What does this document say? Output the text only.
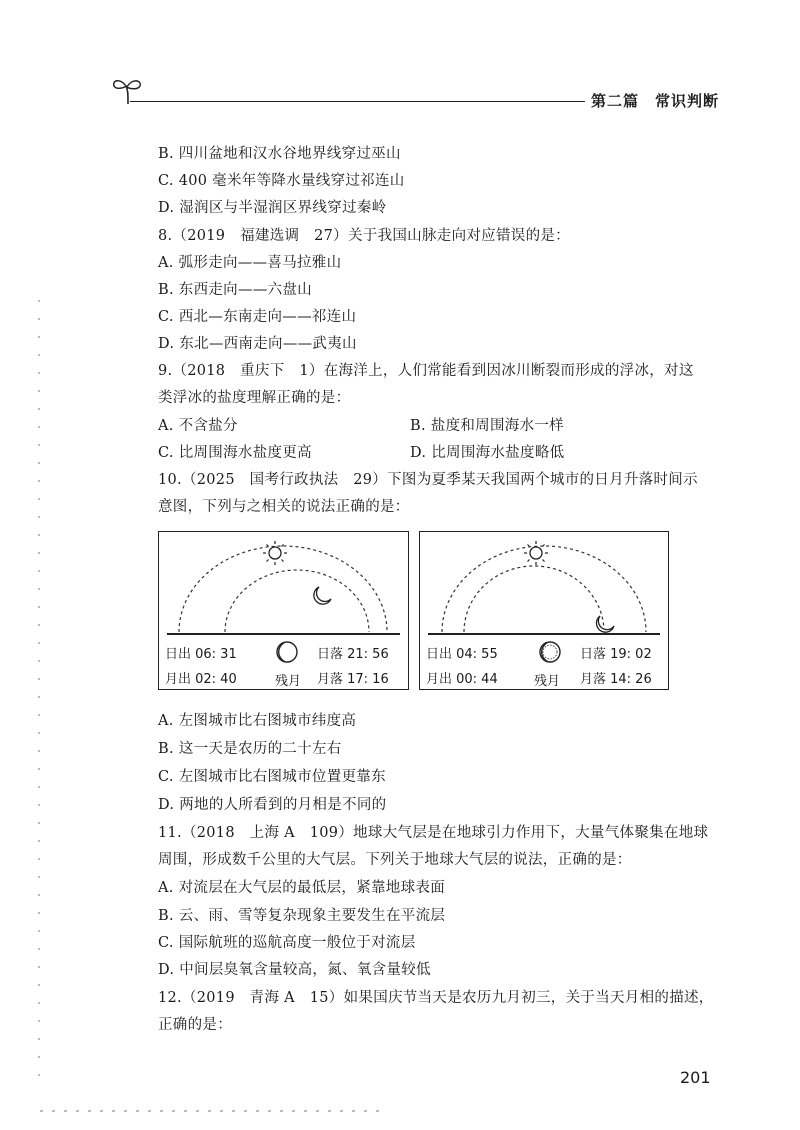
第二篇　常识判断
B. 四川盆地和汉水谷地界线穿过巫山
C. 400 毫米年等降水量线穿过祁连山
D. 湿润区与半湿润区界线穿过秦岭
8.（2019　福建选调　27）关于我国山脉走向对应错误的是：
A. 弧形走向——喜马拉雅山
B. 东西走向——六盘山
C. 西北—东南走向——祁连山
D. 东北—西南走向——武夷山
9.（2018　重庆下　1）在海洋上，人们常能看到因冰川断裂而形成的浮冰，对这
类浮冰的盐度理解正确的是：
A. 不含盐分	B. 盐度和周围海水一样
C. 比周围海水盐度更高	D. 比周围海水盐度略低
10.（2025　国考行政执法　29）下图为夏季某天我国两个城市的日月升落时间示
意图，下列与之相关的说法正确的是：
日出 06: 31	日落 21: 56
月出 02: 40	残月 月落 17: 16
日出 04: 55	日落 19: 02
月出 00: 44	残月 月落 14: 26
A. 左图城市比右图城市纬度高
B. 这一天是农历的二十左右
C. 左图城市比右图城市位置更靠东
D. 两地的人所看到的月相是不同的
11.（2018　上海 A　109）地球大气层是在地球引力作用下，大量气体聚集在地球
周围，形成数千公里的大气层。下列关于地球大气层的说法，正确的是：
A. 对流层在大气层的最低层，紧靠地球表面
B. 云、雨、雪等复杂现象主要发生在平流层
C. 国际航班的巡航高度一般位于对流层
D. 中间层臭氧含量较高，氮、氧含量较低
12.（2019　青海 A　15）如果国庆节当天是农历九月初三，关于当天月相的描述，
正确的是：
201
